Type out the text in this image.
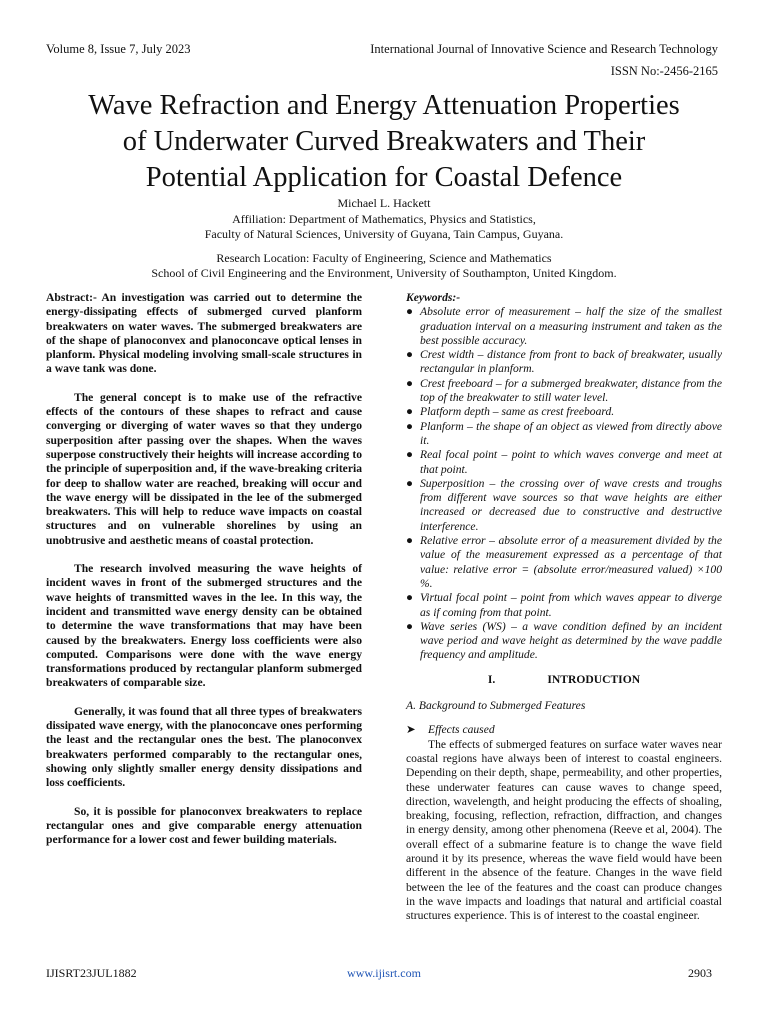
Volume 8, Issue 7, July 2023	International Journal of Innovative Science and Research Technology
ISSN No:-2456-2165
Wave Refraction and Energy Attenuation Properties
of Underwater Curved Breakwaters and Their
Potential Application for Coastal Defence
Michael L. Hackett
Affiliation: Department of Mathematics, Physics and Statistics,
Faculty of Natural Sciences, University of Guyana, Tain Campus, Guyana.
Research Location: Faculty of Engineering, Science and Mathematics
School of Civil Engineering and the Environment, University of Southampton, United Kingdom.

Abstract:- An investigation was carried out to determine the energy-dissipating effects of submerged curved planform breakwaters on water waves. The submerged breakwaters are of the shape of planoconvex and planoconcave optical lenses in planform. Physical modeling involving small-scale structures in a wave tank was done.

The general concept is to make use of the refractive effects of the contours of these shapes to refract and cause converging or diverging of water waves so that they undergo superposition after passing over the shapes. When the waves superpose constructively their heights will increase according to the principle of superposition and, if the wave-breaking criteria for deep to shallow water are reached, breaking will occur and the wave energy will be dissipated in the lee of the submerged breakwaters. This will help to reduce wave impacts on coastal structures and on vulnerable shorelines by using an unobtrusive and aesthetic means of coastal protection.

The research involved measuring the wave heights of incident waves in front of the submerged structures and the wave heights of transmitted waves in the lee. In this way, the incident and transmitted wave energy density can be obtained to determine the wave transformations that may have been caused by the breakwaters. Energy loss coefficients were also computed. Comparisons were done with the wave energy transformations produced by rectangular planform submerged breakwaters of comparable size.

Generally, it was found that all three types of breakwaters dissipated wave energy, with the planoconcave ones performing the least and the rectangular ones the best. The planoconvex breakwaters performed comparably to the rectangular ones, showing only slightly smaller energy density dissipations and loss coefficients.

So, it is possible for planoconvex breakwaters to replace rectangular ones and give comparable energy attenuation performance for a lower cost and fewer building materials.

Keywords:-

● Absolute error of measurement – half the size of the smallest graduation interval on a measuring instrument and taken as the best possible accuracy.
● Crest width – distance from front to back of breakwater, usually rectangular in planform.
● Crest freeboard – for a submerged breakwater, distance from the top of the breakwater to still water level.
● Platform depth – same as crest freeboard.
● Planform – the shape of an object as viewed from directly above it.
● Real focal point – point to which waves converge and meet at that point.
● Superposition – the crossing over of wave crests and troughs from different wave sources so that wave heights are either increased or decreased due to constructive and destructive interference.
● Relative error – absolute error of a measurement divided by the value of the measurement expressed as a percentage of that value: relative error = (absolute error/measured valued) ×100 %.
● Virtual focal point – point from which waves appear to diverge as if coming from that point.
● Wave series (WS) – a wave condition defined by an incident wave period and wave height as determined by the wave paddle frequency and amplitude.
I.	INTRODUCTION

A. Background to Submerged Features

➤ Effects caused

The effects of submerged features on surface water waves near coastal regions have always been of interest to coastal engineers. Depending on their depth, shape, permeability, and other properties, these underwater features can cause waves to change speed, direction, wavelength, and height producing the effects of shoaling, breaking, focusing, reflection, refraction, diffraction, and changes in energy density, among other phenomena (Reeve et al, 2004). The overall effect of a submarine feature is to change the wave field around it by its presence, whereas the wave field would have been different in the absence of the feature. Changes in the wave field between the lee of the features and the coast can produce changes in the wave impacts and loadings that natural and artificial coastal structures experience. This is of interest to the coastal engineer.

IJISRT23JUL1882	www.ijisrt.com	2903
